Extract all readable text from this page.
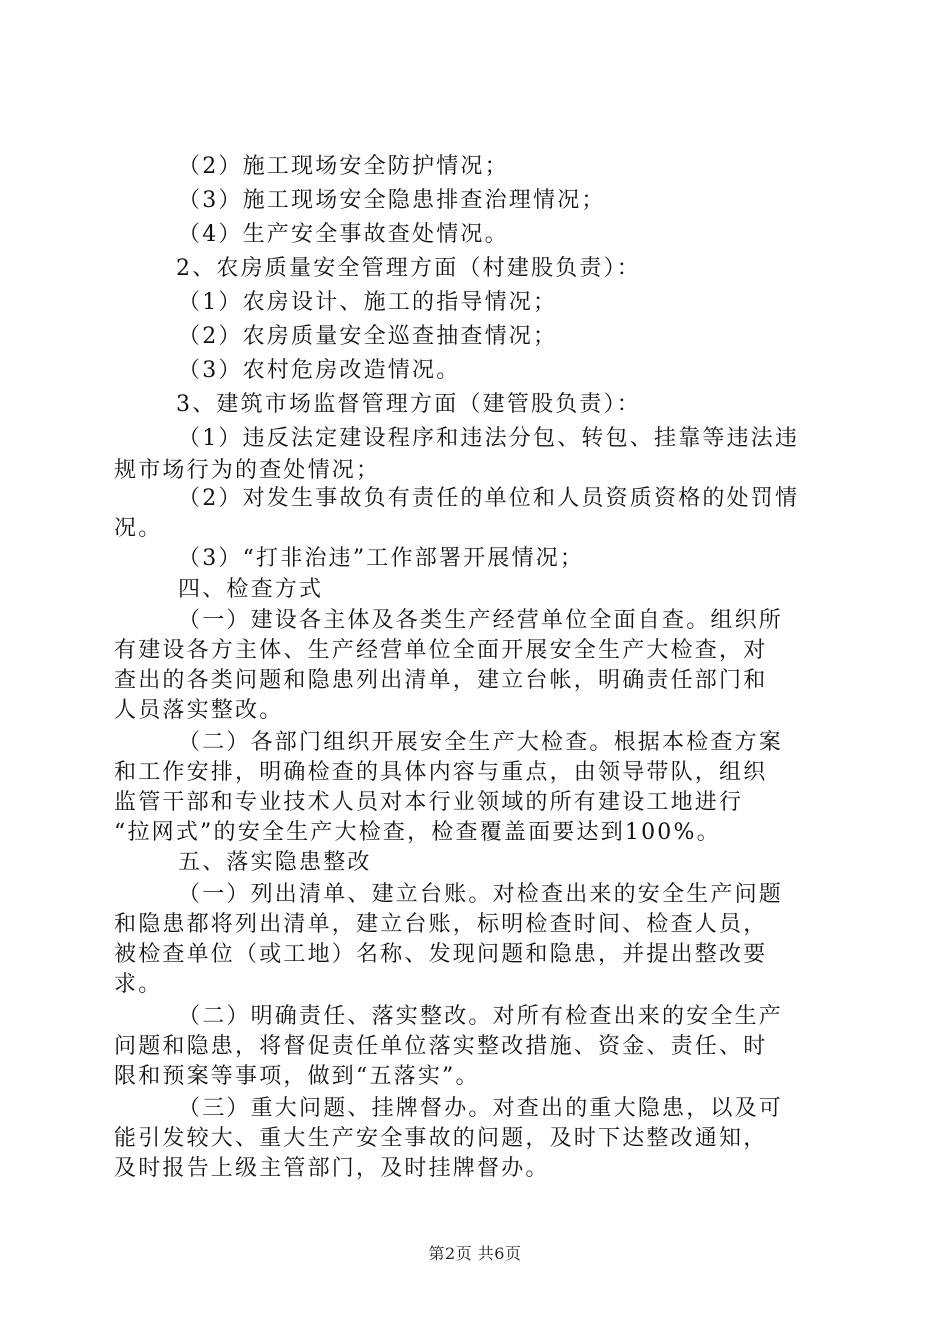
（2）施工现场安全防护情况；
（3）施工现场安全隐患排查治理情况；
（4）生产安全事故查处情况。
2、农房质量安全管理方面（村建股负责）：
（1）农房设计、施工的指导情况；
（2）农房质量安全巡查抽查情况；
（3）农村危房改造情况。
3、建筑市场监督管理方面（建管股负责）：
（1）违反法定建设程序和违法分包、转包、挂靠等违法违
规市场行为的查处情况；
（2）对发生事故负有责任的单位和人员资质资格的处罚情
况。
（3）“打非治违”工作部署开展情况；
四、检查方式
（一）建设各主体及各类生产经营单位全面自查。组织所
有建设各方主体、生产经营单位全面开展安全生产大检查，对
查出的各类问题和隐患列出清单，建立台帐，明确责任部门和
人员落实整改。
（二）各部门组织开展安全生产大检查。根据本检查方案
和工作安排，明确检查的具体内容与重点，由领导带队，组织
监管干部和专业技术人员对本行业领域的所有建设工地进行
“拉网式”的安全生产大检查，检查覆盖面要达到100%。
五、落实隐患整改
（一）列出清单、建立台账。对检查出来的安全生产问题
和隐患都将列出清单，建立台账，标明检查时间、检查人员，
被检查单位（或工地）名称、发现问题和隐患，并提出整改要
求。
（二）明确责任、落实整改。对所有检查出来的安全生产
问题和隐患，将督促责任单位落实整改措施、资金、责任、时
限和预案等事项，做到“五落实”。
（三）重大问题、挂牌督办。对查出的重大隐患，以及可
能引发较大、重大生产安全事故的问题，及时下达整改通知，
及时报告上级主管部门，及时挂牌督办。
第2页 共6页
